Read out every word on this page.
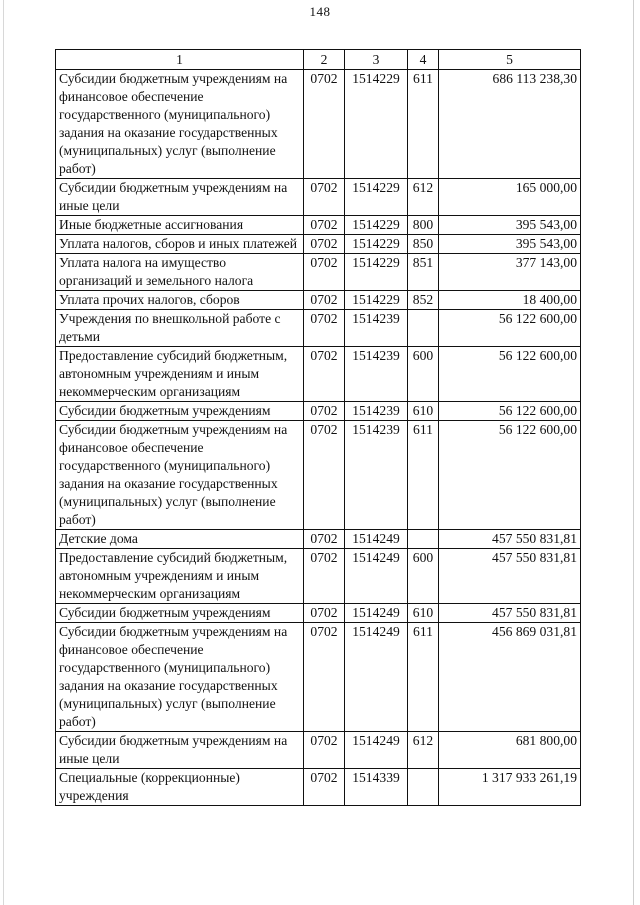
148
1	2	3	4	5
Субсидии бюджетным учреждениям на финансовое обеспечение государственного (муниципального) задания на оказание государственных (муниципальных) услуг (выполнение работ)	0702	1514229	611	686 113 238,30
Субсидии бюджетным учреждениям на иные цели	0702	1514229	612	165 000,00
Иные бюджетные ассигнования	0702	1514229	800	395 543,00
Уплата налогов, сборов и иных платежей	0702	1514229	850	395 543,00
Уплата налога на имущество организаций и земельного налога	0702	1514229	851	377 143,00
Уплата прочих налогов, сборов	0702	1514229	852	18 400,00
Учреждения по внешкольной работе с детьми	0702	1514239		56 122 600,00
Предоставление субсидий бюджетным, автономным учреждениям и иным некоммерческим организациям	0702	1514239	600	56 122 600,00
Субсидии бюджетным учреждениям	0702	1514239	610	56 122 600,00
Субсидии бюджетным учреждениям на финансовое обеспечение государственного (муниципального) задания на оказание государственных (муниципальных) услуг (выполнение работ)	0702	1514239	611	56 122 600,00
Детские дома	0702	1514249		457 550 831,81
Предоставление субсидий бюджетным, автономным учреждениям и иным некоммерческим организациям	0702	1514249	600	457 550 831,81
Субсидии бюджетным учреждениям	0702	1514249	610	457 550 831,81
Субсидии бюджетным учреждениям на финансовое обеспечение государственного (муниципального) задания на оказание государственных (муниципальных) услуг (выполнение работ)	0702	1514249	611	456 869 031,81
Субсидии бюджетным учреждениям на иные цели	0702	1514249	612	681 800,00
Специальные (коррекционные) учреждения	0702	1514339		1 317 933 261,19
